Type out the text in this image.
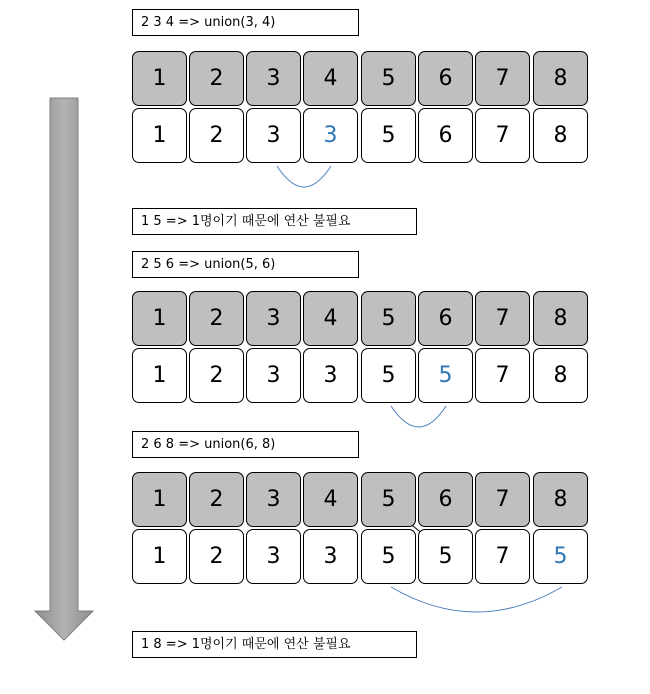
2 3 4 => union(3, 4)
1	2	3	4	5	6	7	8
1	2	3	3	5	6	7	8
1 5 => 1명이기 때문에 연산 불필요
2 5 6 => union(5, 6)
1	2	3	4	5	6	7	8
1	2	3	3	5	5	7	8
2 6 8 => union(6, 8)
1	2	3	4	5	6	7	8
1	2	3	3	5	5	7	5
1 8 => 1명이기 때문에 연산 불필요
